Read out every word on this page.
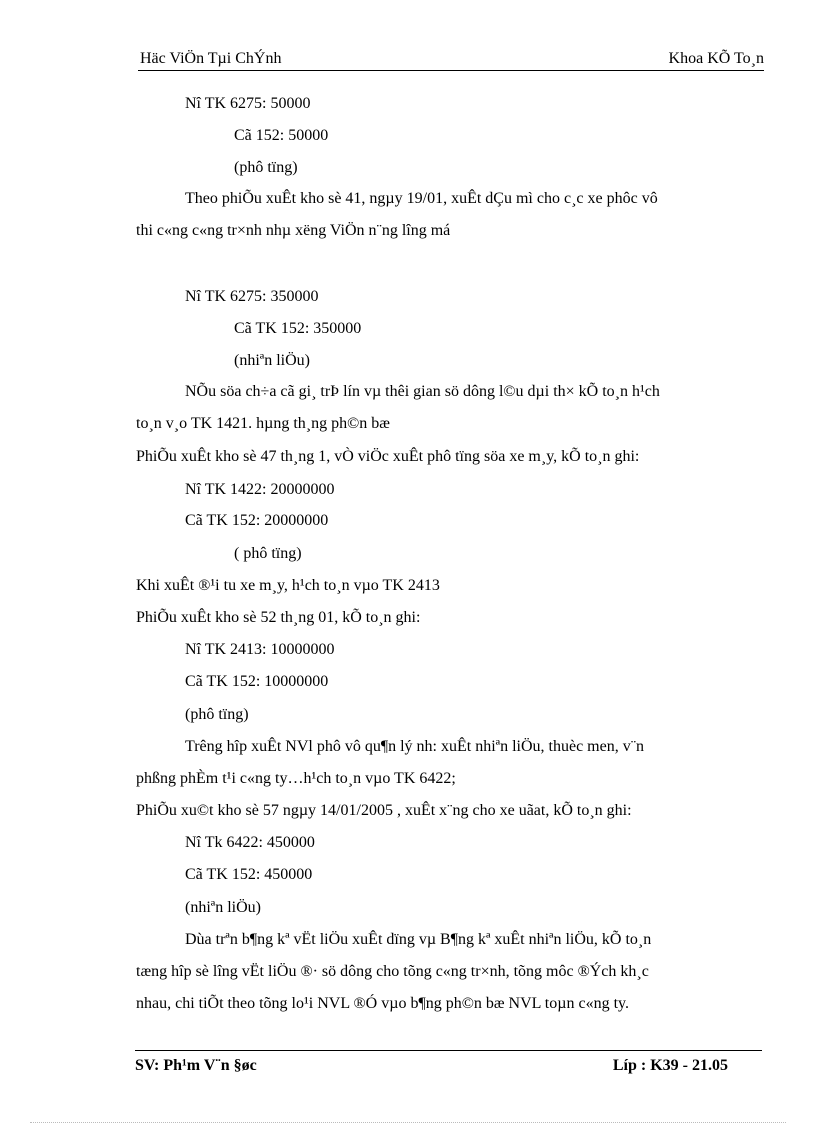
Häc ViÖn Tµi ChÝnh	Khoa KÕ To¸n
Nî TK 6275: 50000
Cã 152: 50000
(phô tïng)
Theo phiÕu xuÊt kho sè 41, ngµy 19/01, xuÊt dÇu mì cho c¸c xe phôc vô
thi c«ng c«ng tr×nh nhµ xëng ViÖn n¨ng lîng má
Nî TK 6275: 350000
Cã TK 152: 350000
(nhiªn liÖu)
NÕu söa ch÷a cã gi¸ trÞ lín vµ thêi gian sö dông l©u dµi th× kÕ to¸n h¹ch
to¸n v¸o TK 1421. hµng th¸ng ph©n bæ
PhiÕu xuÊt kho sè 47 th¸ng 1, vÒ viÖc xuÊt phô tïng söa xe m¸y, kÕ to¸n ghi:
Nî TK 1422: 20000000
Cã TK 152: 20000000
( phô tïng)
Khi xuÊt ®¹i tu xe m¸y, h¹ch to¸n vµo TK 2413
PhiÕu xuÊt kho sè 52 th¸ng 01, kÕ to¸n ghi:
Nî TK 2413: 10000000
Cã TK 152: 10000000
(phô tïng)
Trêng hîp xuÊt NVl phô vô qu¶n lý nh: xuÊt nhiªn liÖu, thuèc men, v¨n
phßng phÈm t¹i c«ng ty…h¹ch to¸n vµo TK 6422;
PhiÕu xu©t kho sè 57 ngµy 14/01/2005 , xuÊt x¨ng cho xe uãat, kÕ to¸n ghi:
Nî Tk 6422: 450000
Cã TK 152: 450000
(nhiªn liÖu)
Dùa trªn b¶ng kª vËt liÖu xuÊt dïng vµ B¶ng kª xuÊt nhiªn liÖu, kÕ to¸n
tæng hîp sè lîng vËt liÖu ®· sö dông cho tõng c«ng tr×nh, tõng môc ®Ých kh¸c
nhau, chi tiÕt theo tõng lo¹i NVL ®Ó vµo b¶ng ph©n bæ NVL toµn c«ng ty.
SV: Ph¹m V¨n §øc	Líp : K39 - 21.05
